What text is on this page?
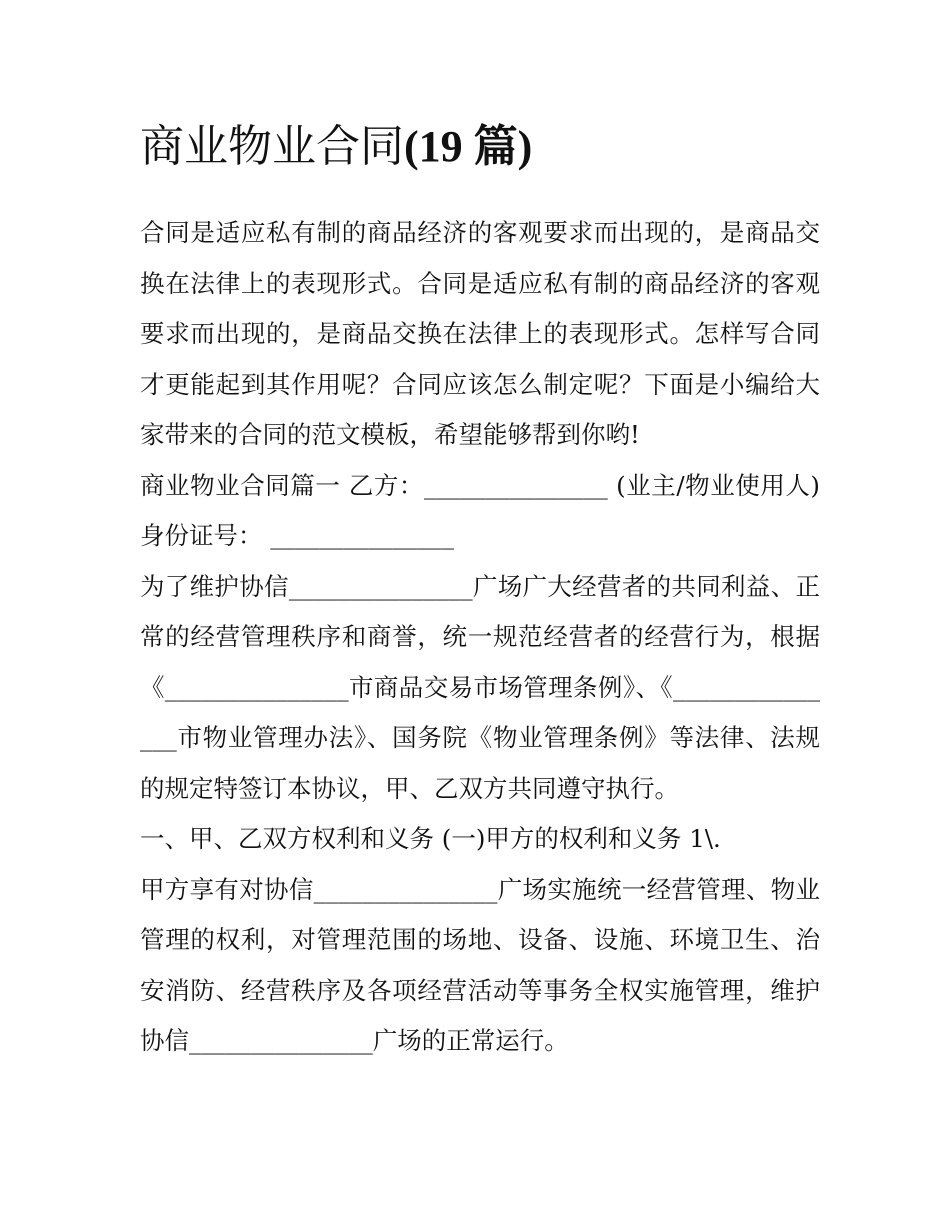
商业物业合同(19 篇)

合同是适应私有制的商品经济的客观要求而出现的，是商品交换在法律上的表现形式。合同是适应私有制的商品经济的客观要求而出现的，是商品交换在法律上的表现形式。怎样写合同才更能起到其作用呢？合同应该怎么制定呢？下面是小编给大家带来的合同的范文模板，希望能够帮到你哟!

商业物业合同篇一 乙方：_______________ (业主/物业使用人) 身份证号： _______________

为了维护协信_______________广场广大经营者的共同利益、正常的经营管理秩序和商誉，统一规范经营者的经营行为，根据《_______________市商品交易市场管理条例》、《_______________市物业管理办法》、国务院《物业管理条例》等法律、法规的规定特签订本协议，甲、乙双方共同遵守执行。

一、甲、乙双方权利和义务 (一)甲方的权利和义务 1\.

甲方享有对协信_______________广场实施统一经营管理、物业管理的权利，对管理范围的场地、设备、设施、环境卫生、治安消防、经营秩序及各项经营活动等事务全权实施管理，维护协信_______________广场的正常运行。
